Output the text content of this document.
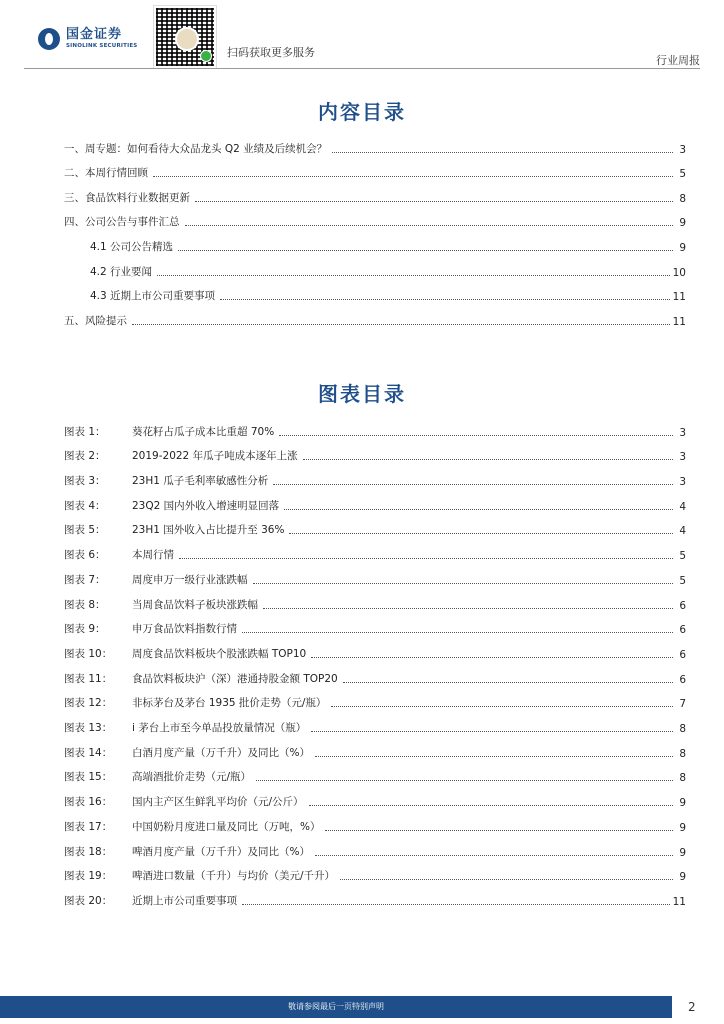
国金证券
SINOLINK SECURITIES	扫码获取更多服务
行业周报
内容目录
一、周专题：如何看待大众品龙头 Q2 业绩及后续机会？	3
二、本周行情回顾	5
三、食品饮料行业数据更新	8
四、公司公告与事件汇总	9
4.1 公司公告精选	9
4.2 行业要闻	10
4.3 近期上市公司重要事项	11
五、风险提示	11
图表目录
图表 1：	葵花籽占瓜子成本比重超 70%	3
图表 2：	2019-2022 年瓜子吨成本逐年上涨	3
图表 3：	23H1 瓜子毛利率敏感性分析	3
图表 4：	23Q2 国内外收入增速明显回落	4
图表 5：	23H1 国外收入占比提升至 36%	4
图表 6：	本周行情	5
图表 7：	周度申万一级行业涨跌幅	5
图表 8：	当周食品饮料子板块涨跌幅	6
图表 9：	申万食品饮料指数行情	6
图表 10： 周度食品饮料板块个股涨跌幅 TOP10	6
图表 11： 食品饮料板块沪（深）港通持股金额 TOP20	6
图表 12： 非标茅台及茅台 1935 批价走势（元/瓶）	7
图表 13： i 茅台上市至今单品投放量情况（瓶）	8
图表 14： 白酒月度产量（万千升）及同比（%）	8
图表 15： 高端酒批价走势（元/瓶）	8
图表 16： 国内主产区生鲜乳平均价（元/公斤）	9
图表 17： 中国奶粉月度进口量及同比（万吨，%）	9
图表 18： 啤酒月度产量（万千升）及同比（%）	9
图表 19： 啤酒进口数量（千升）与均价（美元/千升）	9
图表 20： 近期上市公司重要事项	11
敬请参阅最后一页特别声明	2
